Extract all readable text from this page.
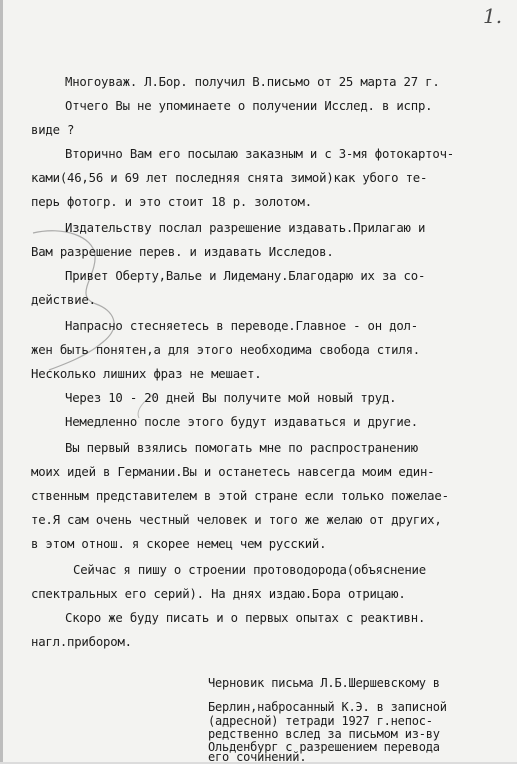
1.
Многоуваж. Л.Бор. получил В.письмо от 25 марта 27 г.
Отчего Вы не упоминаете о получении Исслед. в испр.
виде ?
Вторично Вам его посылаю заказным и с 3-мя фотокарточ-
ками(46,56 и 69 лет последняя снята зимой)как убого те-
перь фотогр. и это стоит 18 р. золотом.
Издательству послал разрешение издавать.Прилагаю и
Вам разрешение перев. и издавать Исследов.
Привет Оберту,Валье и Лидеману.Благодарю их за со-
действие.
Напрасно стесняетесь в переводе.Главное - он дол-
жен быть понятен,а для этого необходима свобода стиля.
Несколько лишних фраз не мешает.
Через 10 - 20 дней Вы получите мой новый труд.
Немедленно после этого будут издаваться и другие.
Вы первый взялись помогать мне по распространению
моих идей в Германии.Вы и останетесь навсегда моим един-
ственным представителем в этой стране если только пожелае-
те.Я сам очень честный человек и того же желаю от других,
в этом отнош. я скорее немец чем русский.
Сейчас я пишу о строении протоводорода(объяснение
спектральных его серий). На днях издаю.Бора отрицаю.
Скоро же буду писать и о первых опытах с реактивн.
нагл.прибором.
Черновик письма Л.Б.Шершевскому в
Берлин,набросанный К.Э. в записной
(адресной) тетради 1927 г.непос-
редственно вслед за письмом из-ву
Ольденбург с разрешением перевода
его сочинений.
